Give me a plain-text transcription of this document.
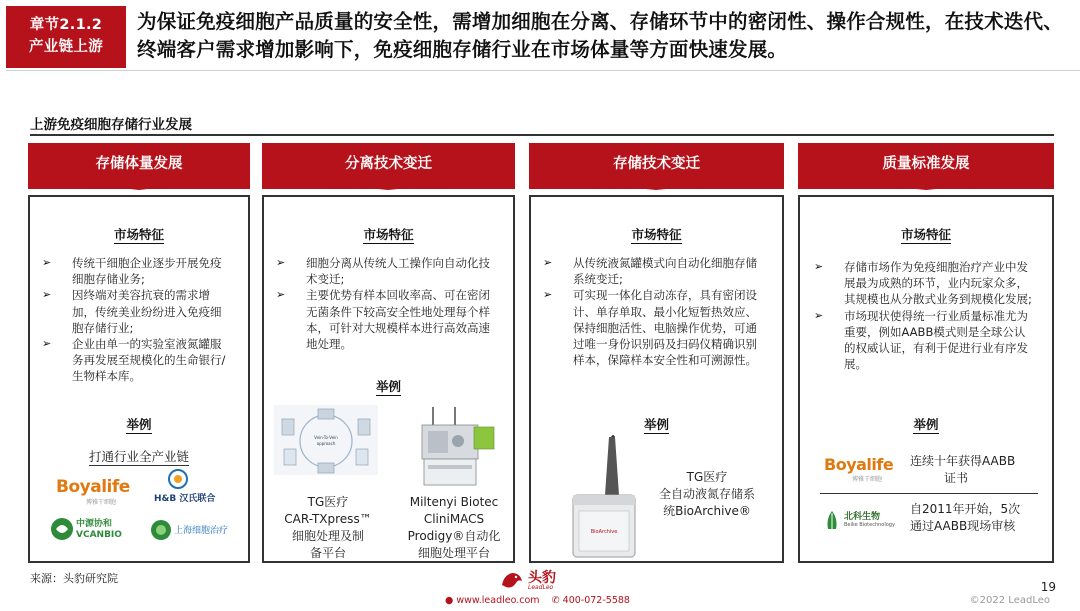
章节2.1.2
产业链上游
为保证免疫细胞产品质量的安全性，需增加细胞在分离、存储环节中的密闭性、操作合规性，在技术迭代、终端客户需求增加影响下，免疫细胞存储行业在市场体量等方面快速发展。
上游免疫细胞存储行业发展
存储体量发展
市场特征
➢ 传统干细胞企业逐步开展免疫细胞存储业务;
➢ 因终端对美容抗衰的需求增加，传统美业纷纷进入免疫细胞存储行业;
➢ 企业由单一的实验室液氮罐服务再发展至规模化的生命银行/生物样本库。
举例
打通行业全产业链
Boyalife
博雅干细胞	H&B 汉氏联合
中源协和 VCANBIO	上海细胞治疗
分离技术变迁
市场特征
➢ 细胞分离从传统人工操作向自动化技术变迁;
➢ 主要优势有样本回收率高、可在密闭无菌条件下较高安全性地处理每个样本，可针对大规模样本进行高效高速地处理。
举例
Vein-To-Vein
approach
TG医疗
CAR-TXpress™
细胞处理及制
备平台
Miltenyi Biotec
CliniMACS
Prodigy®自动化
细胞处理平台
存储技术变迁
市场特征
➢ 从传统液氮罐模式向自动化细胞存储系统变迁;
➢ 可实现一体化自动冻存，具有密闭设计、单存单取、最小化短暂热效应、保持细胞活性、电脑操作优势，可通过唯一身份识别码及扫码仪精确识别样本，保障样本安全性和可溯源性。
举例
BioArchive
TG医疗
全自动液氮存储系
统BioArchive®
质量标准发展
市场特征
➢ 存储市场作为免疫细胞治疗产业中发展最为成熟的环节，业内玩家众多，其规模也从分散式业务到规模化发展;
➢ 市场现状使得统一行业质量标准尤为重要，例如AABB模式则是全球公认的权威认证，有利于促进行业有序发展。
举例
Boyalife
博雅干细胞
连续十年获得AABB
证书
北科生物
Beike Biotechnology
自2011年开始，5次
通过AABB现场审核
来源：头豹研究院	头豹
LeadLeo
● www.leadleo.com ✆ 400-072-5588
19
©2022 LeadLeo
